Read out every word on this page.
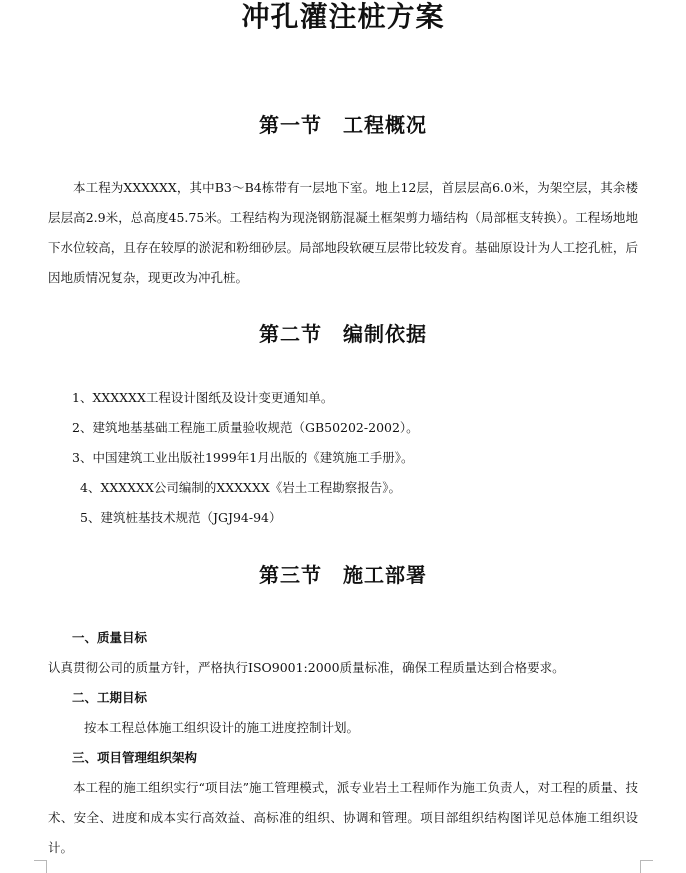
冲孔灌注桩方案
第一节　工程概况
本工程为XXXXXX，其中B3～B4栋带有一层地下室。地上12层，首层层高6.0米，为架空层，其余楼层层高2.9米，总高度45.75米。工程结构为现浇钢筋混凝土框架剪力墙结构（局部框支转换）。工程场地地下水位较高，且存在较厚的淤泥和粉细砂层。局部地段软硬互层带比较发育。基础原设计为人工挖孔桩，后因地质情况复杂，现更改为冲孔桩。
第二节　编制依据
1、XXXXXX工程设计图纸及设计变更通知单。
2、建筑地基基础工程施工质量验收规范（GB50202-2002）。
3、中国建筑工业出版社1999年1月出版的《建筑施工手册》。
4、XXXXXX公司编制的XXXXXX《岩土工程勘察报告》。
5、建筑桩基技术规范（JGJ94-94）
第三节　施工部署
一、质量目标
认真贯彻公司的质量方针，严格执行ISO9001:2000质量标准，确保工程质量达到合格要求。
二、工期目标
按本工程总体施工组织设计的施工进度控制计划。
三、项目管理组织架构
本工程的施工组织实行“项目法”施工管理模式，派专业岩土工程师作为施工负责人，对工程的质量、技术、安全、进度和成本实行高效益、高标准的组织、协调和管理。项目部组织结构图详见总体施工组织设计。
